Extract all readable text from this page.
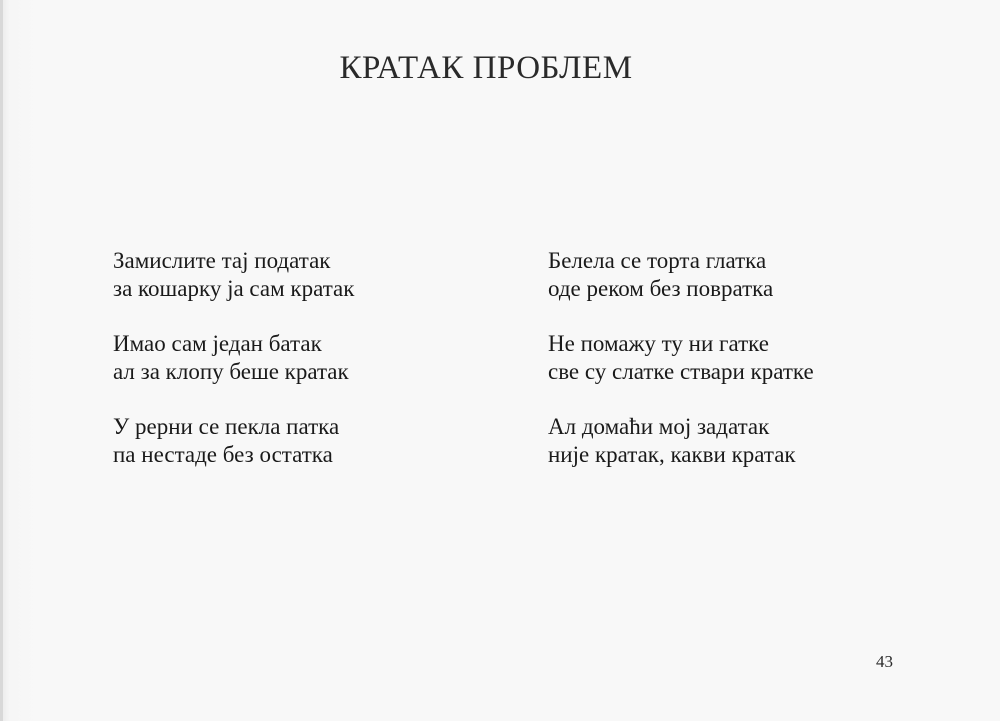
КРАТАК ПРОБЛЕМ
Замислите тај податак
за кошарку ја сам кратак
Имао сам један батак
ал за клопу беше кратак
У рерни се пекла патка
па нестаде без остатка
Белела се торта глатка
оде реком без повратка
Не помажу ту ни гатке
све су слатке ствари кратке
Ал домаћи мој задатак
није кратак, какви кратак
43
